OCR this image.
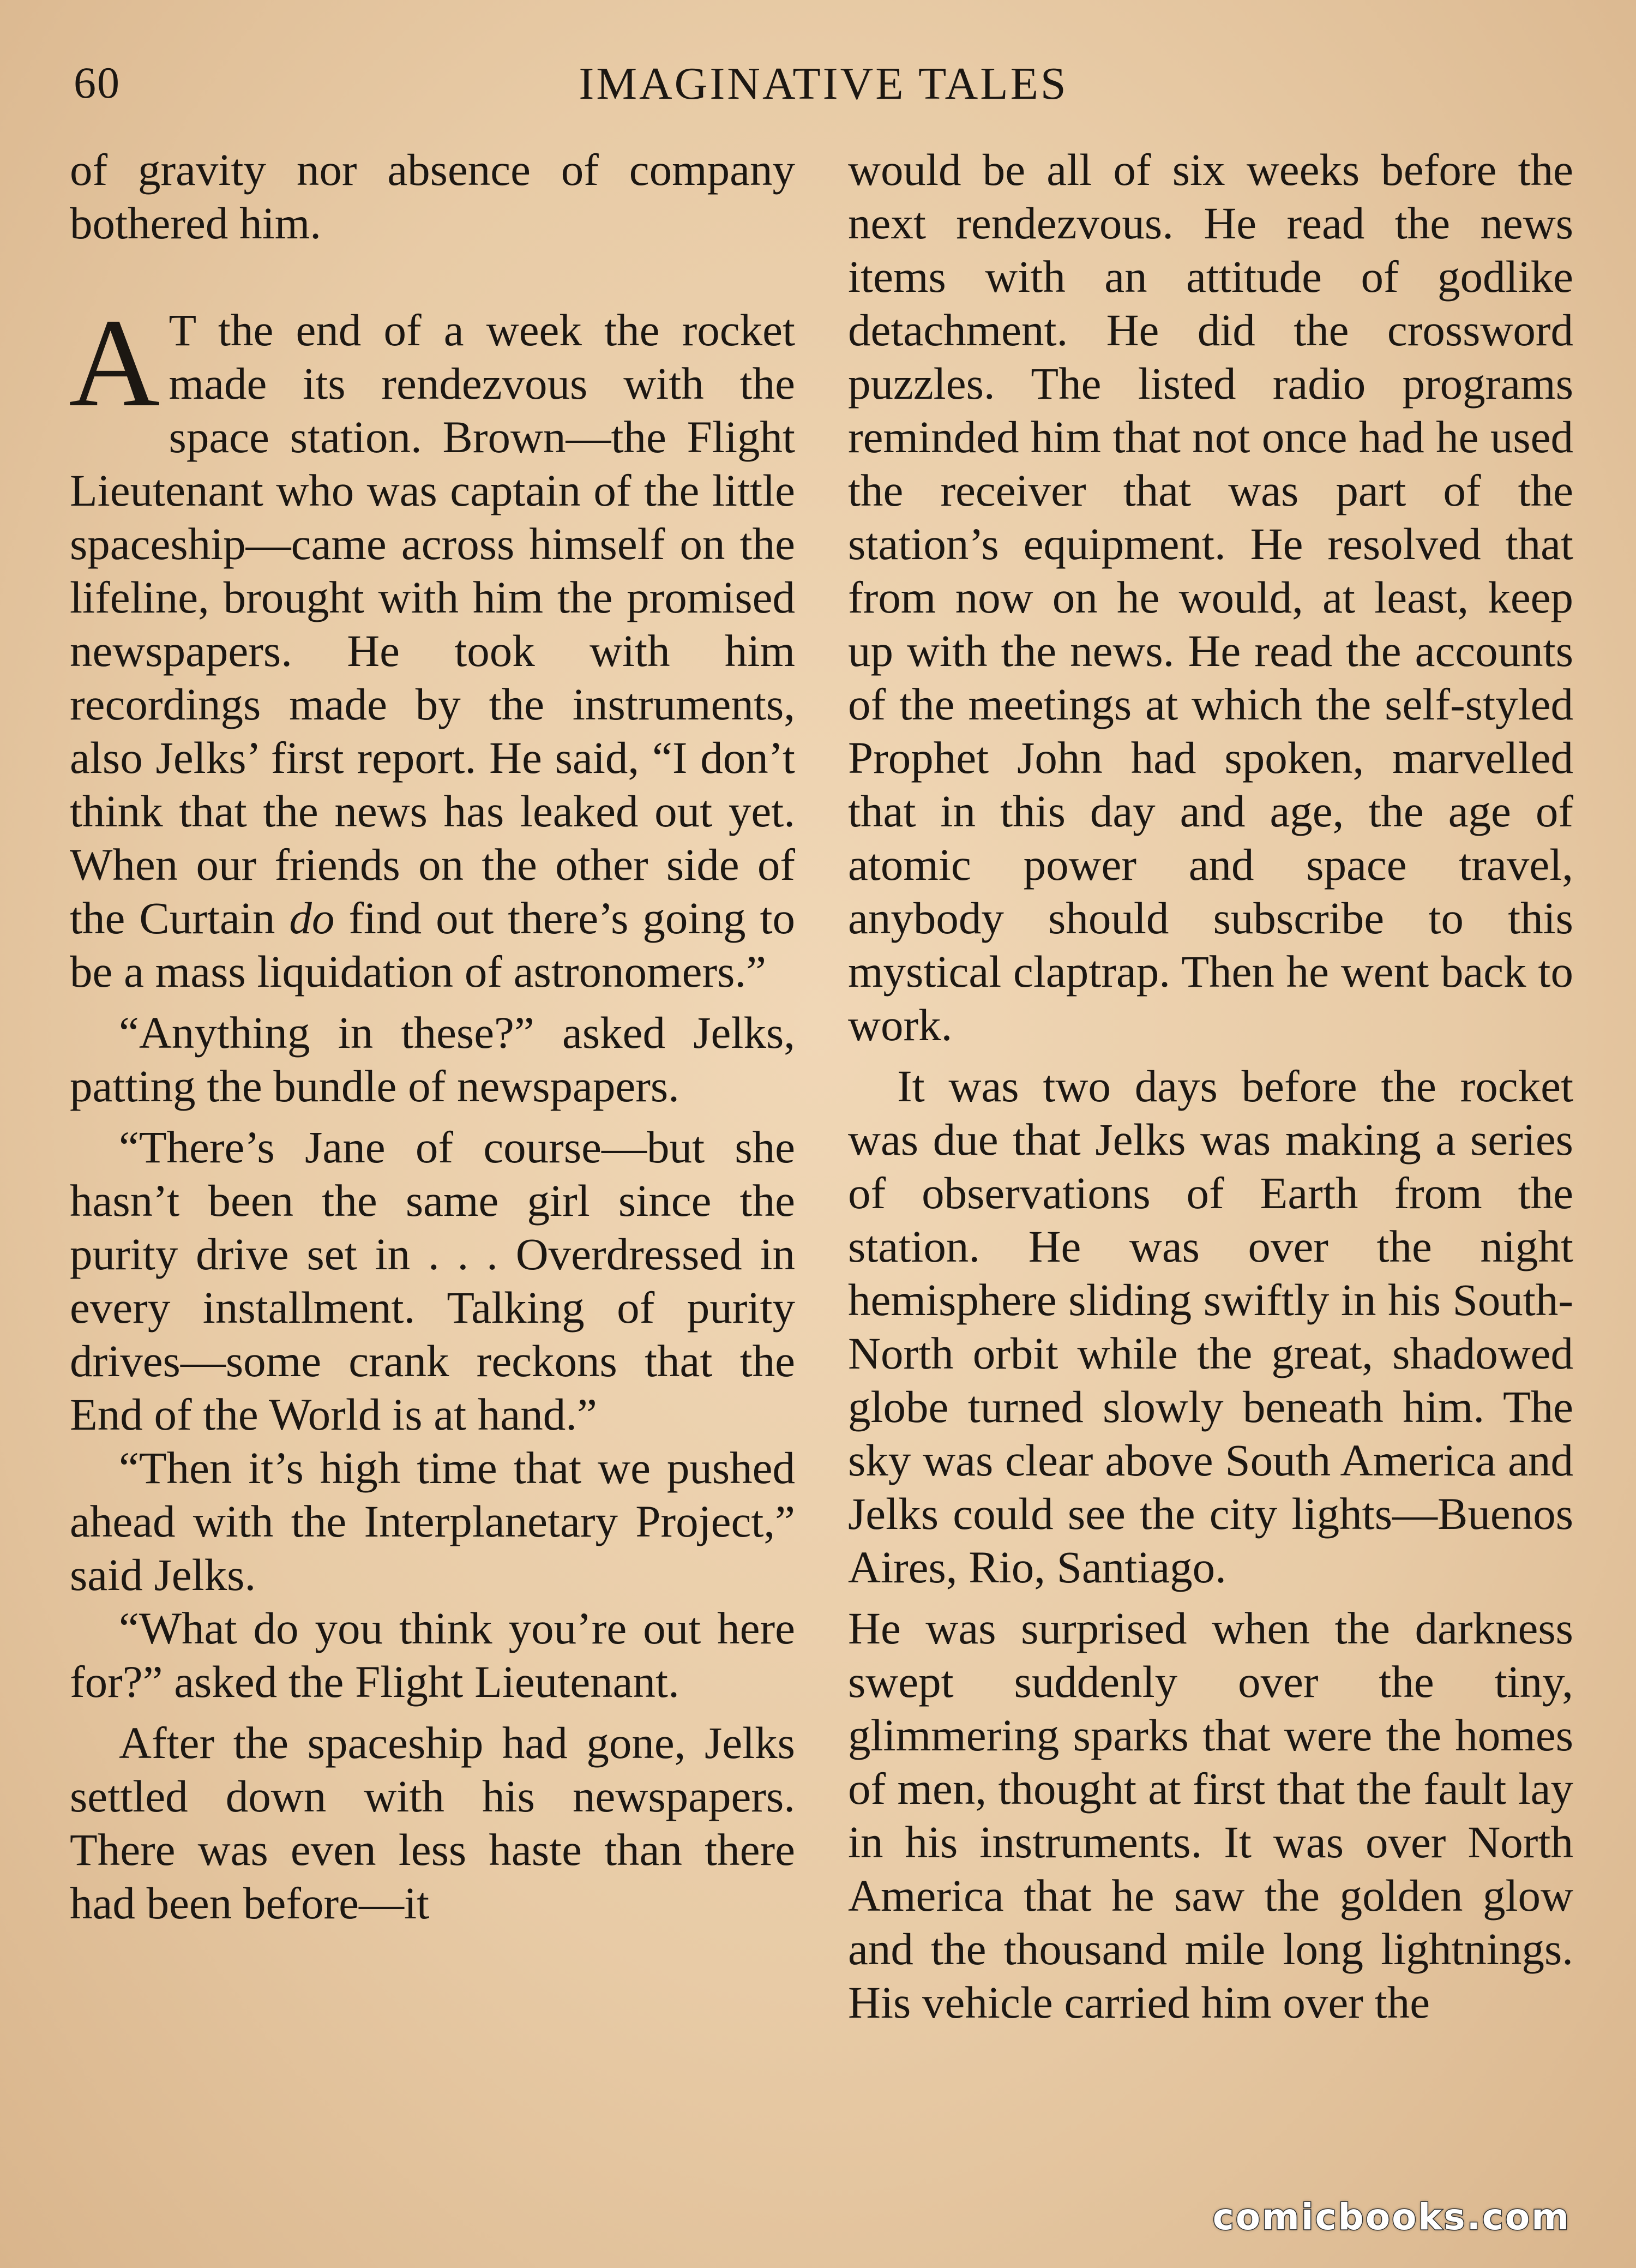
60	IMAGINATIVE TALES

of gravity nor absence of company bothered him.

A T the end of a week the rocket made its rendezvous with the space station. Brown—the Flight Lieutenant who was captain of the little spaceship—came across himself on the lifeline, brought with him the promised newspapers. He took with him recordings made by the instruments, also Jelks’ first report. He said, “I don’t think that the news has leaked out yet. When our friends on the other side of the Curtain do find out there’s going to be a mass liquidation of astronomers.”

“Anything in these?” asked Jelks, patting the bundle of newspapers.

“There’s Jane of course—but she hasn’t been the same girl since the purity drive set in . . . Overdressed in every installment. Talking of purity drives—some crank reckons that the End of the World is at hand.”

“Then it’s high time that we pushed ahead with the Interplanetary Project,” said Jelks.

“What do you think you’re out here for?” asked the Flight Lieutenant.

After the spaceship had gone, Jelks settled down with his newspapers. There was even less haste than there had been before—it

would be all of six weeks before the next rendezvous. He read the news items with an attitude of godlike detachment. He did the crossword puzzles. The listed radio programs reminded him that not once had he used the receiver that was part of the station’s equipment. He resolved that from now on he would, at least, keep up with the news. He read the accounts of the meetings at which the self-styled Prophet John had spoken, marvelled that in this day and age, the age of atomic power and space travel, anybody should subscribe to this mystical claptrap. Then he went back to work.

It was two days before the rocket was due that Jelks was making a series of observations of Earth from the station. He was over the night hemisphere sliding swiftly in his South-North orbit while the great, shadowed globe turned slowly beneath him. The sky was clear above South America and Jelks could see the city lights—Buenos Aires, Rio, Santiago.

He was surprised when the darkness swept suddenly over the tiny, glimmering sparks that were the homes of men, thought at first that the fault lay in his instruments. It was over North America that he saw the golden glow and the thousand mile long lightnings. His vehicle carried him over the

comicbooks.com
